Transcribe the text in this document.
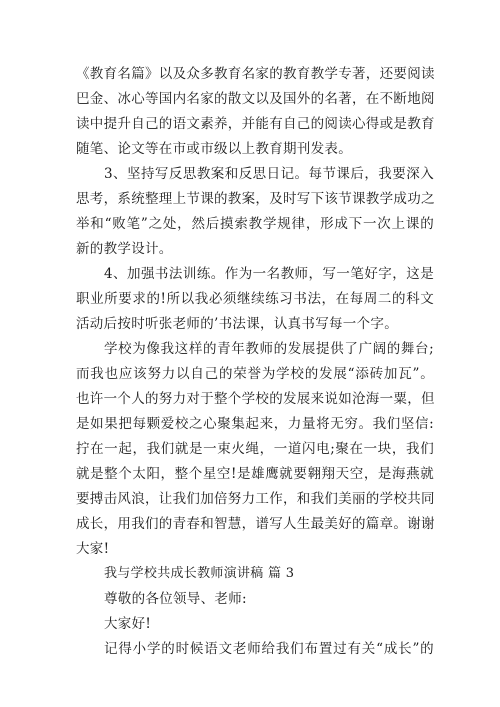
《教育名篇》以及众多教育名家的教育教学专著，还要阅读
巴金、冰心等国内名家的散文以及国外的名著，在不断地阅
读中提升自己的语文素养，并能有自己的阅读心得或是教育
随笔、论文等在市或市级以上教育期刊发表。
3、坚持写反思教案和反思日记。每节课后，我要深入
思考，系统整理上节课的教案，及时写下该节课教学成功之
举和“败笔”之处，然后摸索教学规律，形成下一次上课的
新的教学设计。
4、加强书法训练。作为一名教师，写一笔好字，这是
职业所要求的!所以我必须继续练习书法，在每周二的科文
活动后按时听张老师的’书法课，认真书写每一个字。
学校为像我这样的青年教师的发展提供了广阔的舞台;
而我也应该努力以自己的荣誉为学校的发展“添砖加瓦”。
也许一个人的努力对于整个学校的发展来说如沧海一粟，但
是如果把每颗爱校之心聚集起来，力量将无穷。我们坚信:
拧在一起，我们就是一束火绳，一道闪电;聚在一块，我们
就是整个太阳，整个星空!是雄鹰就要翱翔天空，是海燕就
要搏击风浪，让我们加倍努力工作，和我们美丽的学校共同
成长，用我们的青春和智慧，谱写人生最美好的篇章。谢谢
大家!
我与学校共成长教师演讲稿 篇 3
尊敬的各位领导、老师:
大家好!
记得小学的时候语文老师给我们布置过有关“成长”的
